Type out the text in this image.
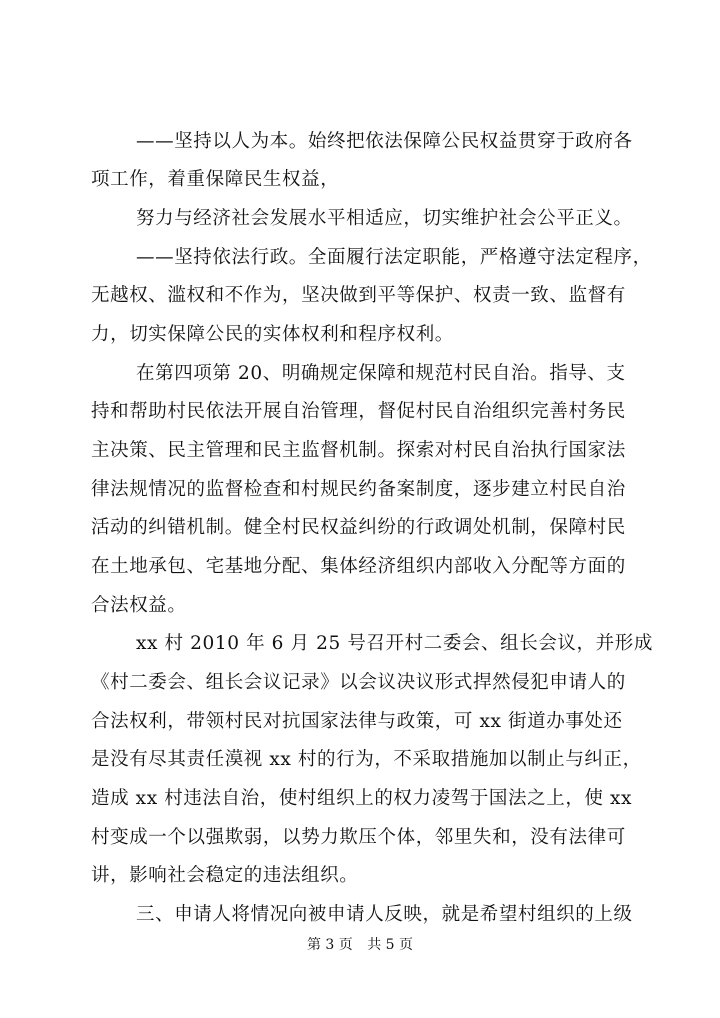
——坚持以人为本。始终把依法保障公民权益贯穿于政府各
项工作，着重保障民生权益，
努力与经济社会发展水平相适应，切实维护社会公平正义。
——坚持依法行政。全面履行法定职能，严格遵守法定程序，
无越权、滥权和不作为，坚决做到平等保护、权责一致、监督有
力，切实保障公民的实体权利和程序权利。
在第四项第 20、明确规定保障和规范村民自治。指导、支
持和帮助村民依法开展自治管理，督促村民自治组织完善村务民
主决策、民主管理和民主监督机制。探索对村民自治执行国家法
律法规情况的监督检查和村规民约备案制度，逐步建立村民自治
活动的纠错机制。健全村民权益纠纷的行政调处机制，保障村民
在土地承包、宅基地分配、集体经济组织内部收入分配等方面的
合法权益。
xx 村 2010 年 6 月 25 号召开村二委会、组长会议，并形成
《村二委会、组长会议记录》以会议决议形式捍然侵犯申请人的
合法权利，带领村民对抗国家法律与政策，可 xx 街道办事处还
是没有尽其责任漠视 xx 村的行为，不采取措施加以制止与纠正，
造成 xx 村违法自治，使村组织上的权力凌驾于国法之上，使 xx
村变成一个以强欺弱，以势力欺压个体，邻里失和，没有法律可
讲，影响社会稳定的违法组织。
三、申请人将情况向被申请人反映，就是希望村组织的上级
第 3 页 共 5 页
